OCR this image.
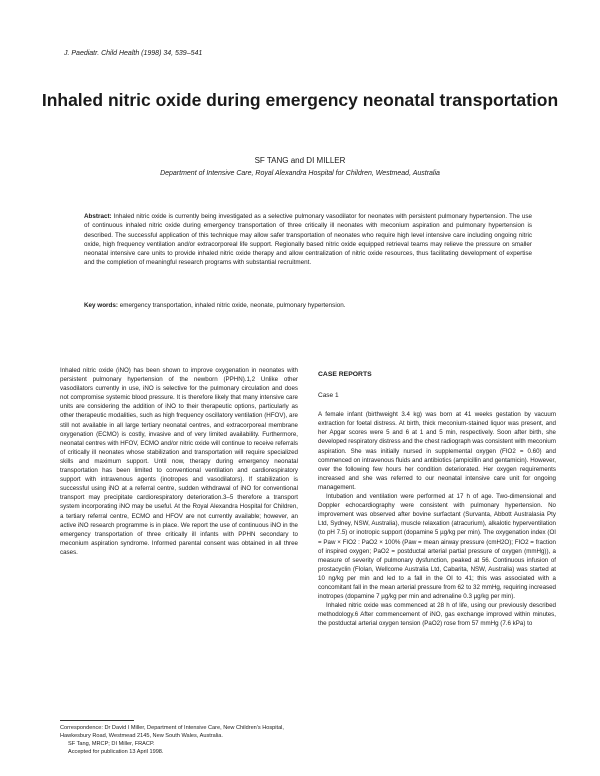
J. Paediatr. Child Health (1998) 34, 539–541
Inhaled nitric oxide during emergency neonatal transportation
SF TANG and DI MILLER
Department of Intensive Care, Royal Alexandra Hospital for Children, Westmead, Australia
Abstract: Inhaled nitric oxide is currently being investigated as a selective pulmonary vasodilator for neonates with persistent pulmonary hypertension. The use of continuous inhaled nitric oxide during emergency transportation of three critically ill neonates with meconium aspiration and pulmonary hypertension is described. The successful application of this technique may allow safer transportation of neonates who require high level intensive care including ongoing nitric oxide, high frequency ventilation and/or extracorporeal life support. Regionally based nitric oxide equipped retrieval teams may relieve the pressure on smaller neonatal intensive care units to provide inhaled nitric oxide therapy and allow centralization of nitric oxide resources, thus facilitating development of expertise and the completion of meaningful research programs with substantial recruitment.
Key words: emergency transportation, inhaled nitric oxide, neonate, pulmonary hypertension.

Inhaled nitric oxide (iNO) has been shown to improve oxygenation in neonates with persistent pulmonary hypertension of the newborn (PPHN).1,2 Unlike other vasodilators currently in use, iNO is selective for the pulmonary circulation and does not compromise systemic blood pressure. It is therefore likely that many intensive care units are considering the addition of iNO to their therapeutic options, particularly as other therapeutic modalities, such as high frequency oscillatory ventilation (HFOV), are still not available in all large tertiary neonatal centres, and extracorporeal membrane oxygenation (ECMO) is costly, invasive and of very limited availability. Furthermore, neonatal centres with HFOV, ECMO and/or nitric oxide will continue to receive referrals of critically ill neonates whose stabilization and transportation will require specialized skills and maximum support. Until now, therapy during emergency neonatal transportation has been limited to conventional ventilation and cardiorespiratory support with intravenous agents (inotropes and vasodilators). If stabilization is successful using iNO at a referral centre, sudden withdrawal of iNO for conventional transport may precipitate cardiorespiratory deterioration.3–5 therefore a transport system incorporating iNO may be useful. At the Royal Alexandra Hospital for Children, a tertiary referral centre, ECMO and HFOV are not currently available; however, an active iNO research programme is in place. We report the use of continuous iNO in the emergency transportation of three critically ill infants with PPHN secondary to meconium aspiration syndrome. Informed parental consent was obtained in all three cases.

CASE REPORTS

Case 1

A female infant (birthweight 3.4 kg) was born at 41 weeks gestation by vacuum extraction for foetal distress. At birth, thick meconium-stained liquor was present, and her Apgar scores were 5 and 6 at 1 and 5 min, respectively. Soon after birth, she developed respiratory distress and the chest radiograph was consistent with meconium aspiration. She was initially nursed in supplemental oxygen (FIO2 = 0.60) and commenced on intravenous fluids and antibiotics (ampicillin and gentamicin). However, over the following few hours her condition deteriorated. Her oxygen requirements increased and she was referred to our neonatal intensive care unit for ongoing management.

Intubation and ventilation were performed at 17 h of age. Two-dimensional and Doppler echocardiography were consistent with pulmonary hypertension. No improvement was observed after bovine surfactant (Survanta, Abbott Australasia Pty Ltd, Sydney, NSW, Australia), muscle relaxation (atracurium), alkalotic hyperventilation (to pH 7.5) or inotropic support (dopamine 5 µg/kg per min). The oxygenation index (OI = Paw × FIO2 : PaO2 × 100% (Paw = mean airway pressure (cmH2O); FIO2 = fraction of inspired oxygen; PaO2 = postductal arterial partial pressure of oxygen (mmHg)), a measure of severity of pulmonary dysfunction, peaked at 56. Continuous infusion of prostacyclin (Flolan, Wellcome Australia Ltd, Cabarita, NSW, Australia) was started at 10 ng/kg per min and led to a fall in the OI to 41; this was associated with a concomitant fall in the mean arterial pressure from 62 to 32 mmHg, requiring increased inotropes (dopamine 7 µg/kg per min and adrenaline 0.3 µg/kg per min).

Inhaled nitric oxide was commenced at 28 h of life, using our previously described methodology.6 After commencement of iNO, gas exchange improved within minutes, the postductal arterial oxygen tension (PaO2) rose from 57 mmHg (7.6 kPa) to

Correspondence: Dr David I Miller, Department of Intensive Care, New Children's Hospital, Hawkesbury Road, Westmead 2145, New South Wales, Australia.

SF Tang, MRCP; DI Miller, FRACP.

Accepted for publication 13 April 1998.
